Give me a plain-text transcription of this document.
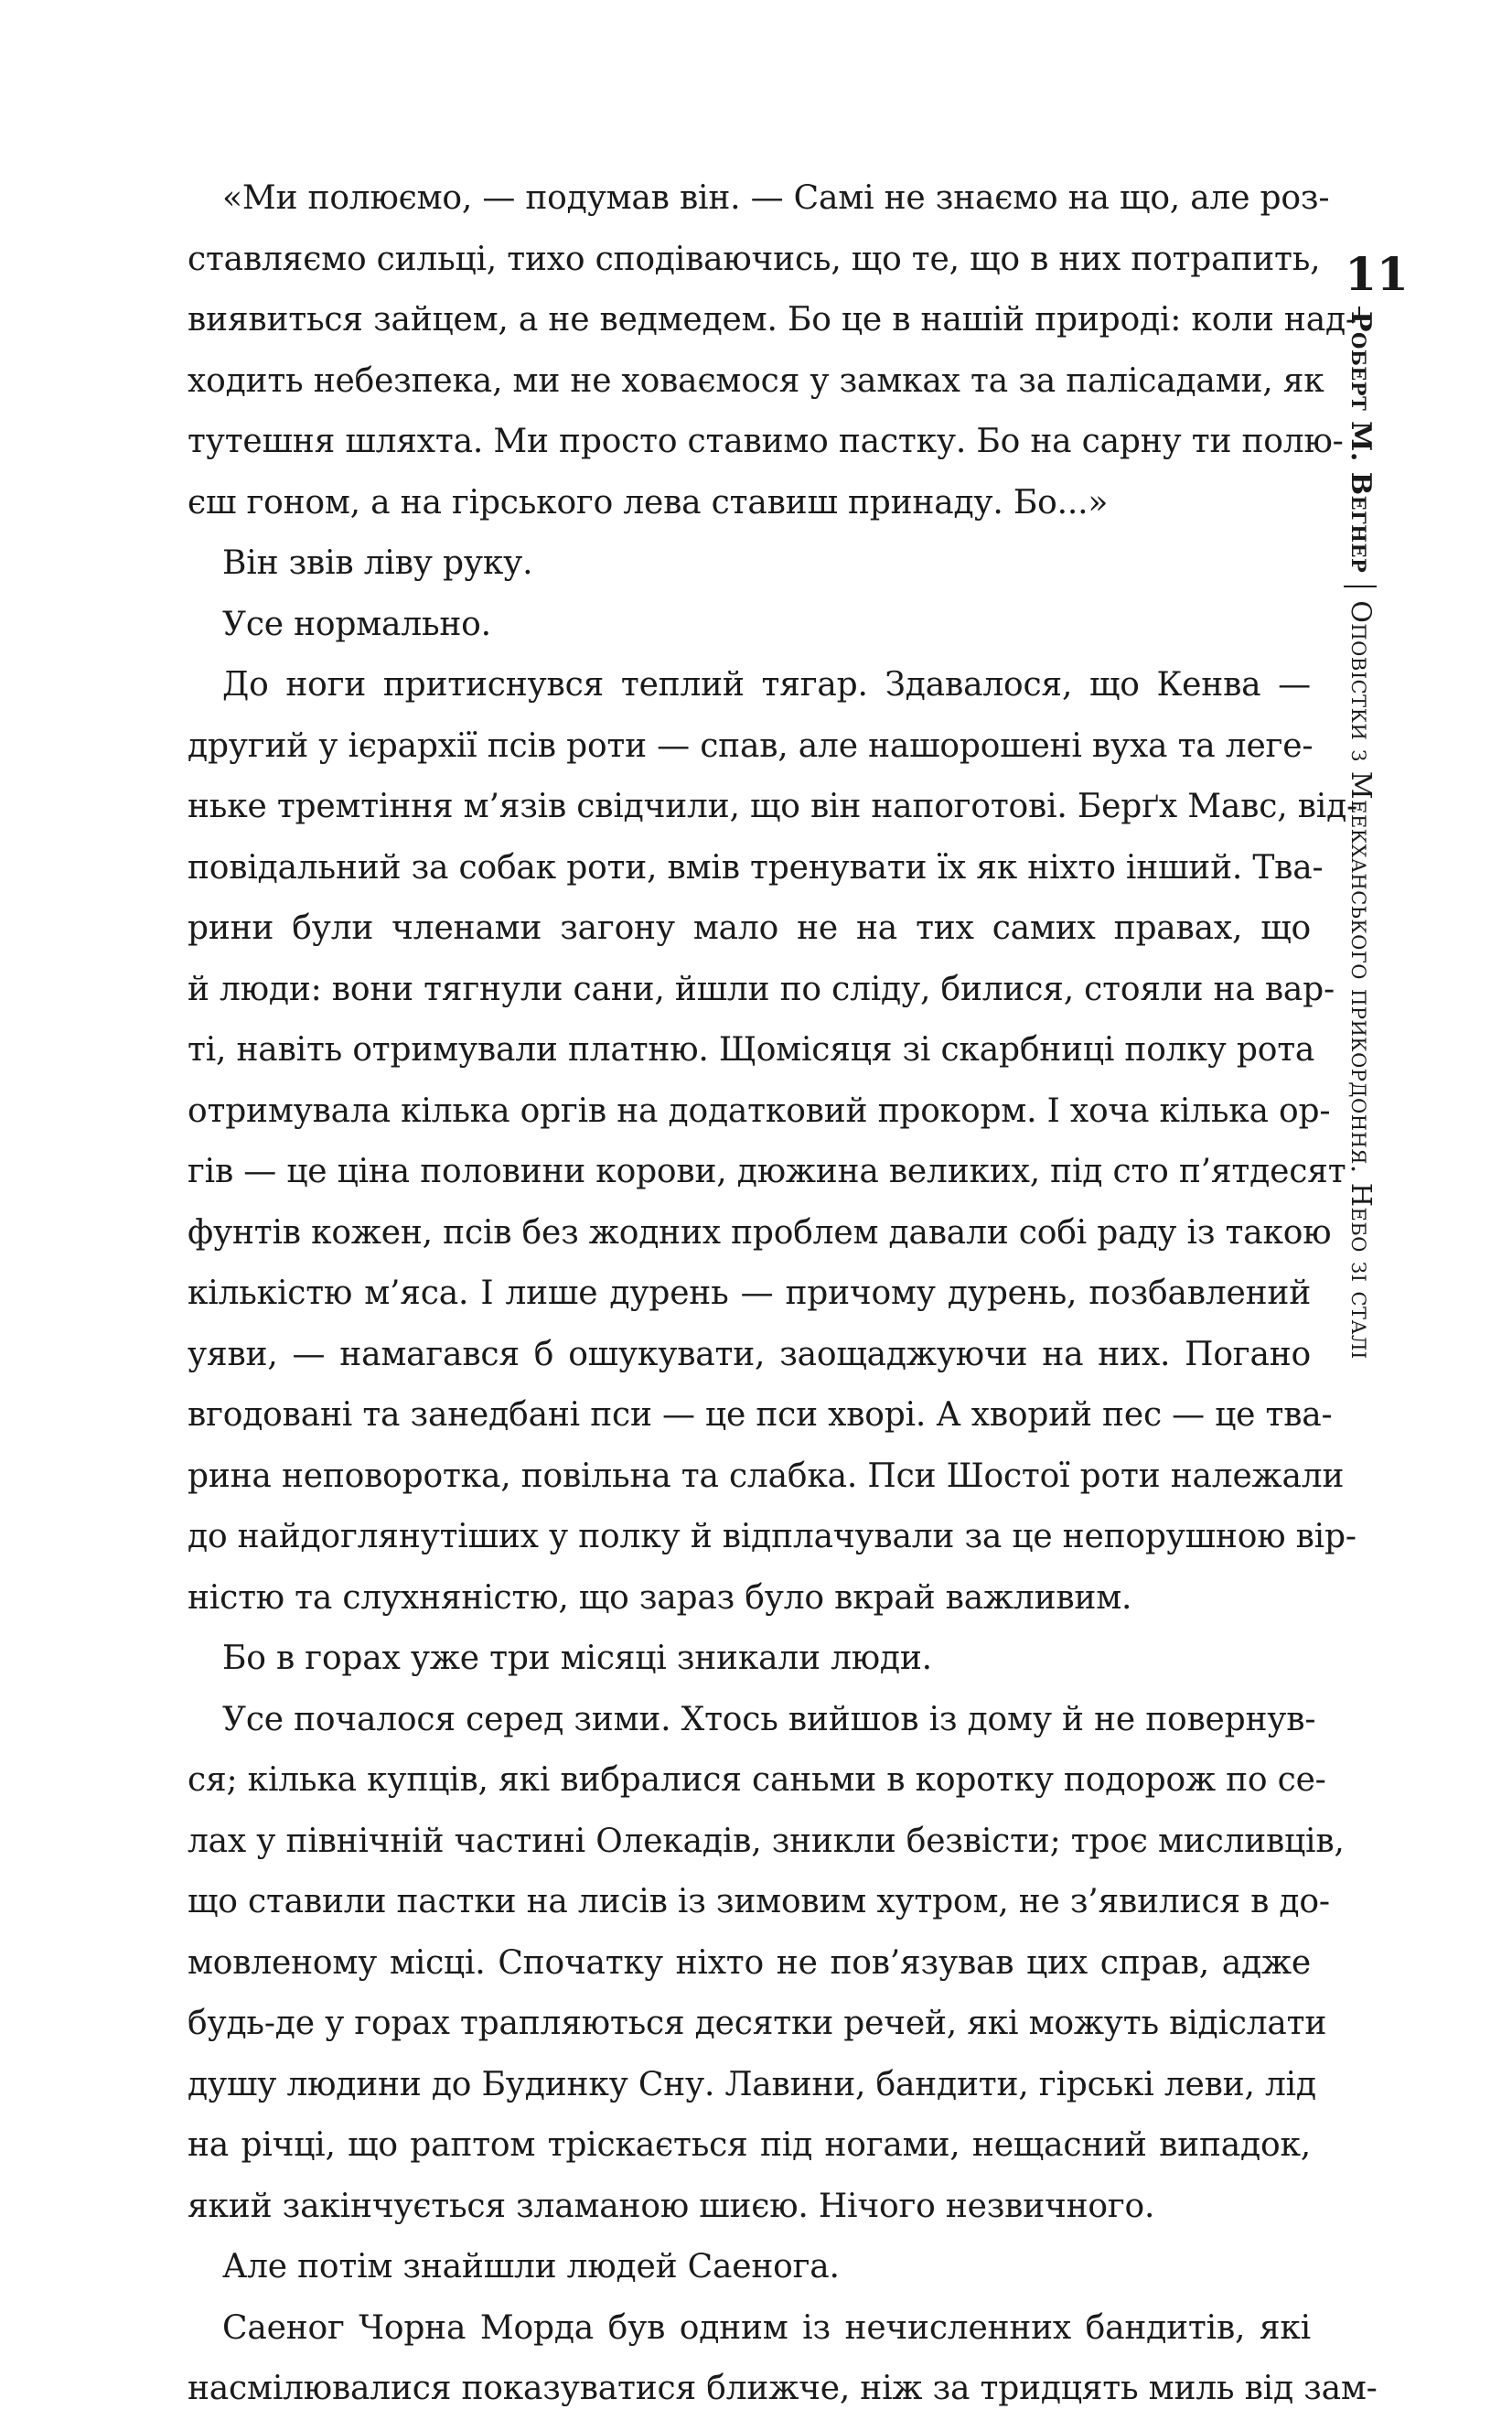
«Ми полюємо, — подумав він. — Самі не знаємо на що, але роз-
ставляємо сильці, тихо сподіваючись, що те, що в них потрапить,
виявиться зайцем, а не ведмедем. Бо це в нашій природі: коли над-
ходить небезпека, ми не ховаємося у замках та за палісадами, як
тутешня шляхта. Ми просто ставимо пастку. Бо на сарну ти полю-
єш гоном, а на гірського лева ставиш принаду. Бо...»
Він звів ліву руку.
Усе нормально.
До ноги притиснувся теплий тягар. Здавалося, що Кенва —
другий у ієрархії псів роти — спав, але нашорошені вуха та леге-
ньке тремтіння м’язів свідчили, що він напоготові. Берґх Мавс, від-
повідальний за собак роти, вмів тренувати їх як ніхто інший. Тва-
рини були членами загону мало не на тих самих правах, що
й люди: вони тягнули сани, йшли по сліду, билися, стояли на вар-
ті, навіть отримували платню. Щомісяця зі скарбниці полку рота
отримувала кілька оргів на додатковий прокорм. І хоча кілька ор-
гів — це ціна половини корови, дюжина великих, під сто п’ятдесят
фунтів кожен, псів без жодних проблем давали собі раду із такою
кількістю м’яса. І лише дурень — причому дурень, позбавлений
уяви, — намагався б ошукувати, заощаджуючи на них. Погано
вгодовані та занедбані пси — це пси хворі. А хворий пес — це тва-
рина неповоротка, повільна та слабка. Пси Шостої роти належали
до найдоглянутіших у полку й відплачували за це непорушною вір-
ністю та слухняністю, що зараз було вкрай важливим.
Бо в горах уже три місяці зникали люди.
Усе почалося серед зими. Хтось вийшов із дому й не повернув-
ся; кілька купців, які вибралися саньми в коротку подорож по се-
лах у північній частині Олекадів, зникли безвісти; троє мисливців,
що ставили пастки на лисів із зимовим хутром, не з’явилися в до-
мовленому місці. Спочатку ніхто не пов’язував цих справ, адже
будь-де у горах трапляються десятки речей, які можуть відіслати
душу людини до Будинку Сну. Лавини, бандити, гірські леви, лід
на річці, що раптом тріскається під ногами, нещасний випадок,
який закінчується зламаною шиєю. Нічого незвичного.
Але потім знайшли людей Саенога.
Саеног Чорна Морда був одним із нечисленних бандитів, які
насмілювалися показуватися ближче, ніж за тридцять миль від зам-
11
Роберт М. Вегнер
Оповістки з Меекханського прикордоння. Небо зі сталі
